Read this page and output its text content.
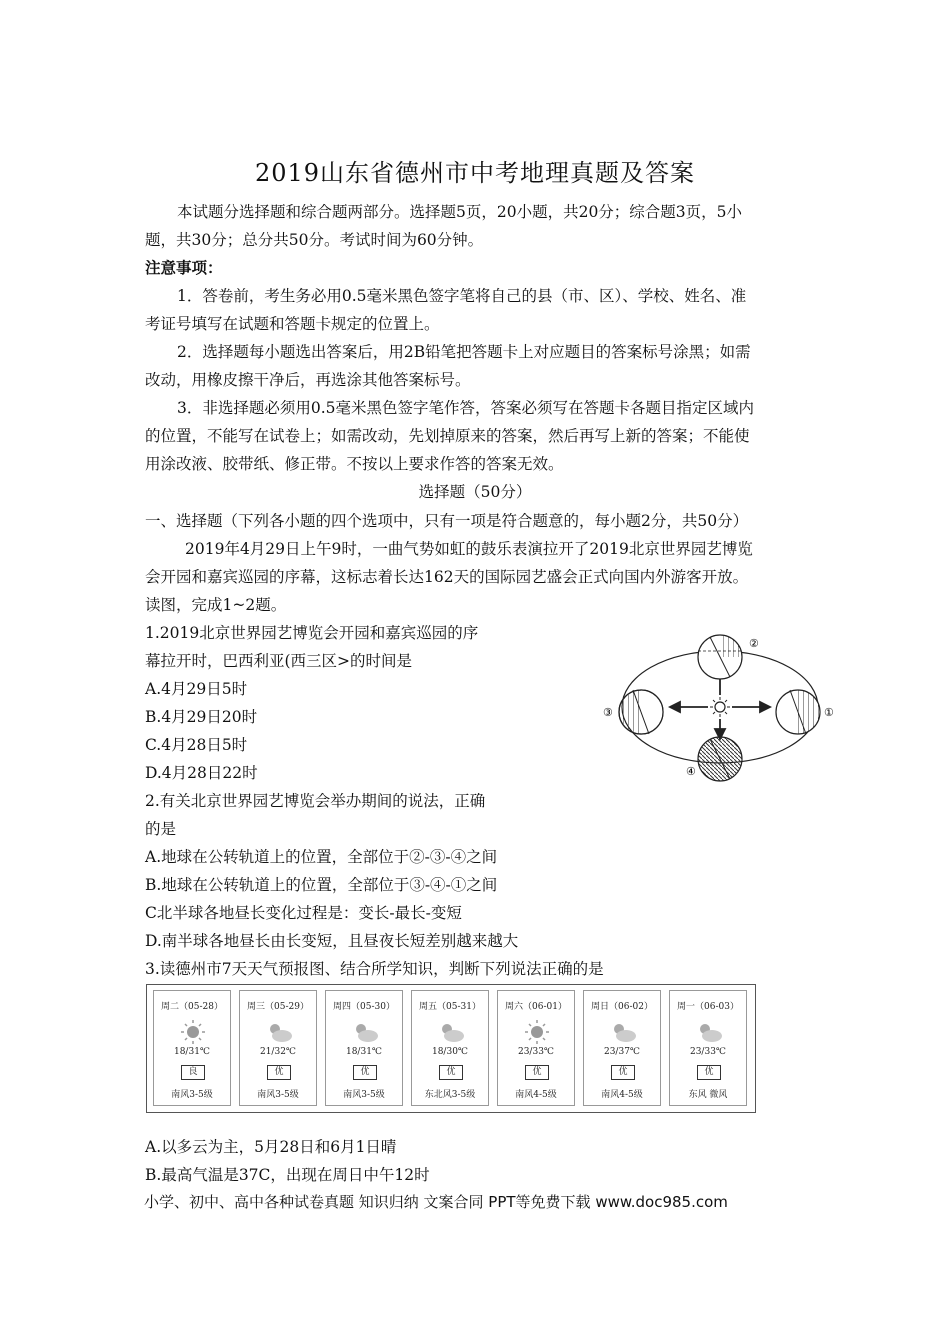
2019山东省德州市中考地理真题及答案
本试题分选择题和综合题两部分。选择题5页，20小题，共20分；综合题3页，5小
题，共30分；总分共50分。考试时间为60分钟。
注意事项：
1．答卷前，考生务必用0.5毫米黑色签字笔将自己的县（市、区）、学校、姓名、准
考证号填写在试题和答题卡规定的位置上。
2．选择题每小题选出答案后，用2B铅笔把答题卡上对应题目的答案标号涂黑；如需
改动，用橡皮擦干净后，再选涂其他答案标号。
3．非选择题必须用0.5毫米黑色签字笔作答，答案必须写在答题卡各题目指定区域内
的位置，不能写在试卷上；如需改动，先划掉原来的答案，然后再写上新的答案；不能使
用涂改液、胶带纸、修正带。不按以上要求作答的答案无效。
选择题（50分）
一、选择题（下列各小题的四个选项中，只有一项是符合题意的，每小题2分，共50分）
2019年4月29日上午9时，一曲气势如虹的鼓乐表演拉开了2019北京世界园艺博览
会开园和嘉宾巡园的序幕，这标志着长达162天的国际园艺盛会正式向国内外游客开放。
读图，完成1~2题。
1.2019北京世界园艺博览会开园和嘉宾巡园的序
幕拉开时，巴西利亚(西三区>的时间是
A.4月29日5时
B.4月29日20时
C.4月28日5时
D.4月28日22时
2.有关北京世界园艺博览会举办期间的说法，正确
的是
A.地球在公转轨道上的位置，全部位于②-③-④之间
B.地球在公转轨道上的位置，全部位于③-④-①之间
C北半球各地昼长变化过程是：变长-最长-变短
D.南半球各地昼长由长变短，且昼夜长短差别越来越大
3.读德州市7天天气预报图、结合所学知识，判断下列说法正确的是
②
③	①
④
周二（05-28）
18/31℃
良
南风3-5级
周三（05-29）
21/32℃
优
南风3-5级
周四（05-30）
18/31℃
优
南风3-5级
周五（05-31）
18/30℃
优
东北风3-5级
周六（06-01）
23/33℃
优
南风4-5级
周日（06-02）
23/37℃
优
南风4-5级
周一（06-03）
23/33℃
优
东风 微风
A.以多云为主，5月28日和6月1日晴
B.最高气温是37C，出现在周日中午12时
小学、初中、高中各种试卷真题 知识归纳 文案合同 PPT等免费下载 www.doc985.com
